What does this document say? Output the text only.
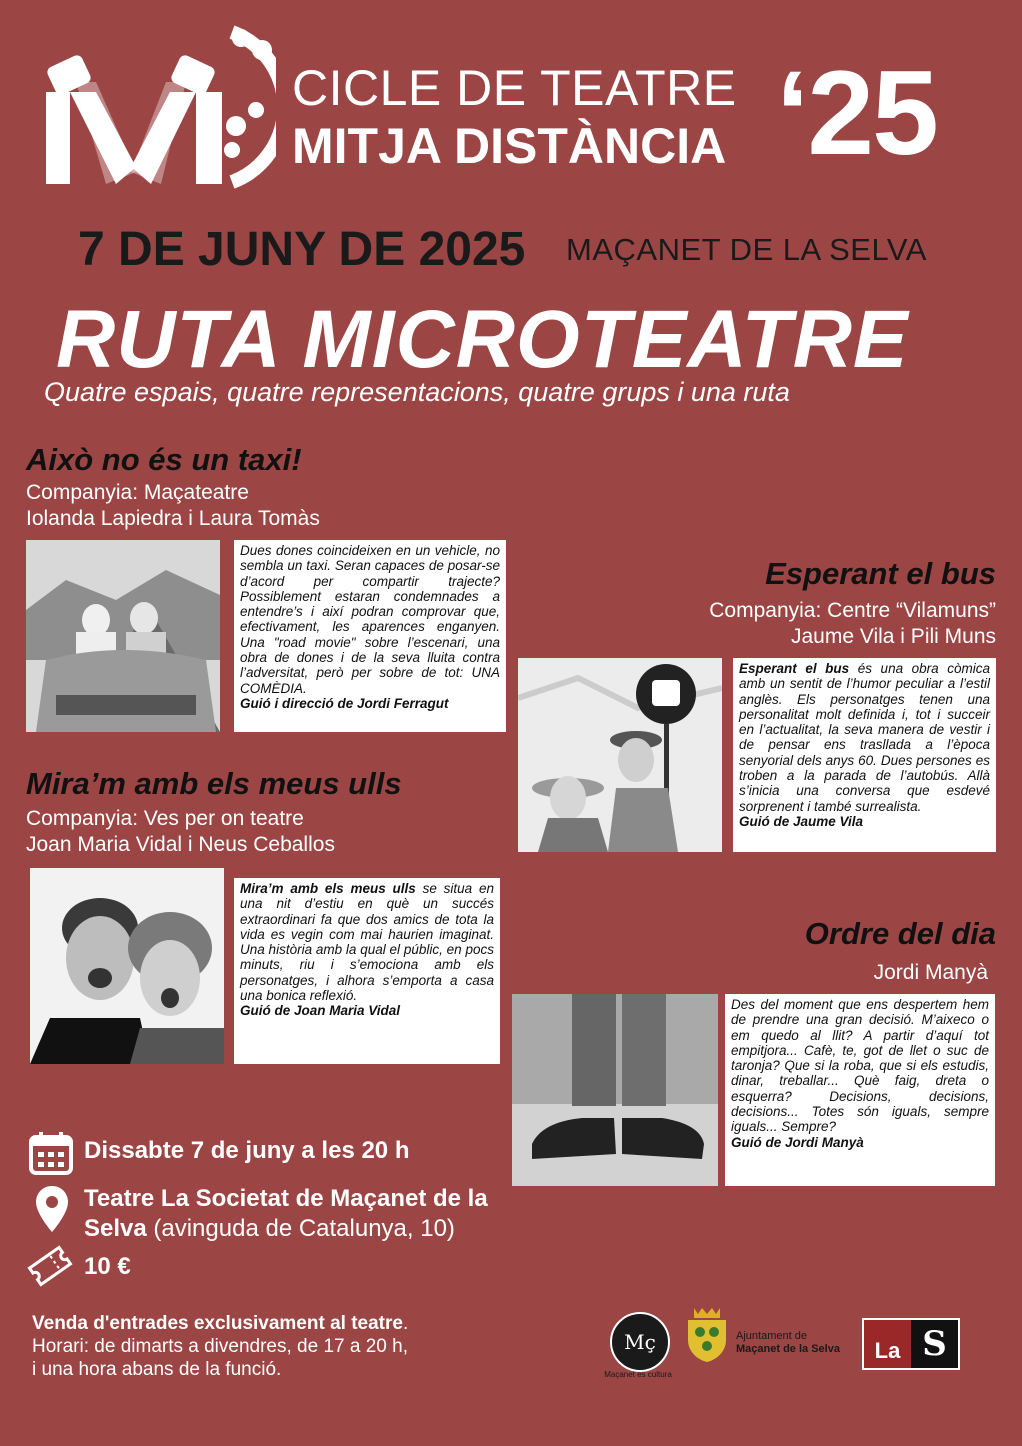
CICLE DE TEATRE
MITJA DISTÀNCIA ‘25
7 DE JUNY DE 2025 MAÇANET DE LA SELVA
RUTA MICROTEATRE
Quatre espais, quatre representacions, quatre grups i una ruta
Això no és un taxi!
Companyia: Maçateatre
Iolanda Lapiedra i Laura Tomàs
Dues dones coincideixen en un vehicle, no sembla un taxi. Seran capaces de posar-se d’acord per compartir trajecte? Possiblement estaran condemnades a entendre’s i així podran comprovar que, efectivament, les aparences enganyen. Una "road movie" sobre l’escenari, una obra de dones i de la seva lluita contra l’adversitat, però per sobre de tot: UNA COMÈDIA.
Guió i direcció de Jordi Ferragut
Esperant el bus
Companyia: Centre “Vilamuns”
Jaume Vila i Pili Muns
Esperant el bus és una obra còmica amb un sentit de l’humor peculiar a l’estil anglès. Els personatges tenen una personalitat molt definida i, tot i succeir en l’actualitat, la seva manera de vestir i de pensar ens trasllada a l’època senyorial dels anys 60. Dues persones es troben a la parada de l’autobús. Allà s’inicia una conversa que esdevé sorprenent i també surrealista.
Guió de Jaume Vila
Mira’m amb els meus ulls
Companyia: Ves per on teatre
Joan Maria Vidal i Neus Ceballos
Mira’m amb els meus ulls se situa en una nit d’estiu en què un succés extraordinari fa que dos amics de tota la vida es vegin com mai haurien imaginat. Una història amb la qual el públic, en pocs minuts, riu i s’emociona amb els personatges, i alhora s’emporta a casa una bonica reflexió.
Guió de Joan Maria Vidal
Ordre del dia
Jordi Manyà
Des del moment que ens despertem hem de prendre una gran decisió. M’aixeco o em quedo al llit? A partir d’aquí tot empitjora... Cafè, te, got de llet o suc de taronja? Que si la roba, que si els estudis, dinar, treballar... Què faig, dreta o esquerra? Decisions, decisions, decisions... Totes són iguals, sempre iguals... Sempre?
Guió de Jordi Manyà
Dissabte 7 de juny a les 20 h
Teatre La Societat de Maçanet de la Selva (avinguda de Catalunya, 10)
10 €
Venda d'entrades exclusivament al teatre.
Horari: de dimarts a divendres, de 17 a 20 h,
i una hora abans de la funció.
Mç
Maçanet es cultura
Ajuntament de
Maçanet de la Selva	La S
